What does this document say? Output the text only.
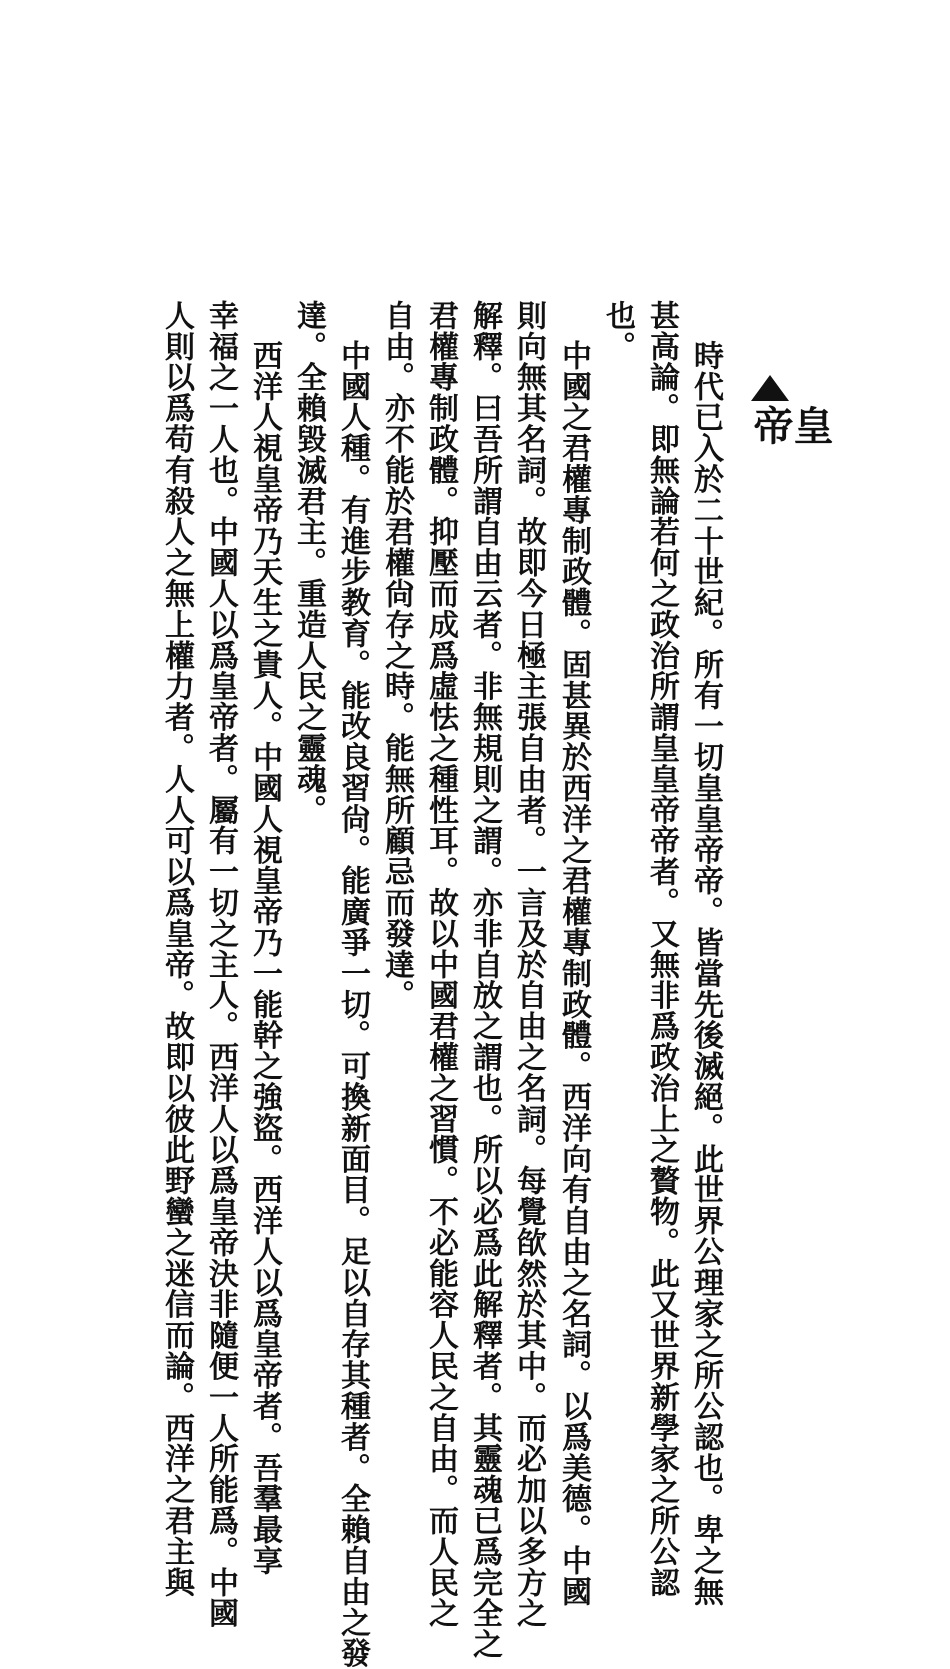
皇帝
時代已入於二十世紀。所有一切皇皇帝帝。皆當先後滅絕。此世界公理家之所公認也。卑之無
甚高論。即無論若何之政治所謂皇皇帝帝者。又無非爲政治上之贅物。此又世界新學家之所公認
也。
中國之君權專制政體。固甚異於西洋之君權專制政體。西洋向有自由之名詞。以爲美德。中國
則向無其名詞。故即今日極主張自由者。一言及於自由之名詞。每覺欿然於其中。而必加以多方之
解釋。曰吾所謂自由云者。非無規則之謂。亦非自放之謂也。所以必爲此解釋者。其靈魂已爲完全之
君權專制政體。抑壓而成爲虛怯之種性耳。故以中國君權之習慣。不必能容人民之自由。而人民之
自由。亦不能於君權尙存之時。能無所顧忌而發達。
中國人種。有進步教育。能改良習尙。能廣爭一切。可換新面目。足以自存其種者。全賴自由之發
達。全賴毀滅君主。重造人民之靈魂。
西洋人視皇帝乃天生之貴人。中國人視皇帝乃一能幹之強盜。西洋人以爲皇帝者。吾羣最享
幸福之一人也。中國人以爲皇帝者。屬有一切之主人。西洋人以爲皇帝決非隨便一人所能爲。中國
人則以爲苟有殺人之無上權力者。人人可以爲皇帝。故即以彼此野蠻之迷信而論。西洋之君主與
